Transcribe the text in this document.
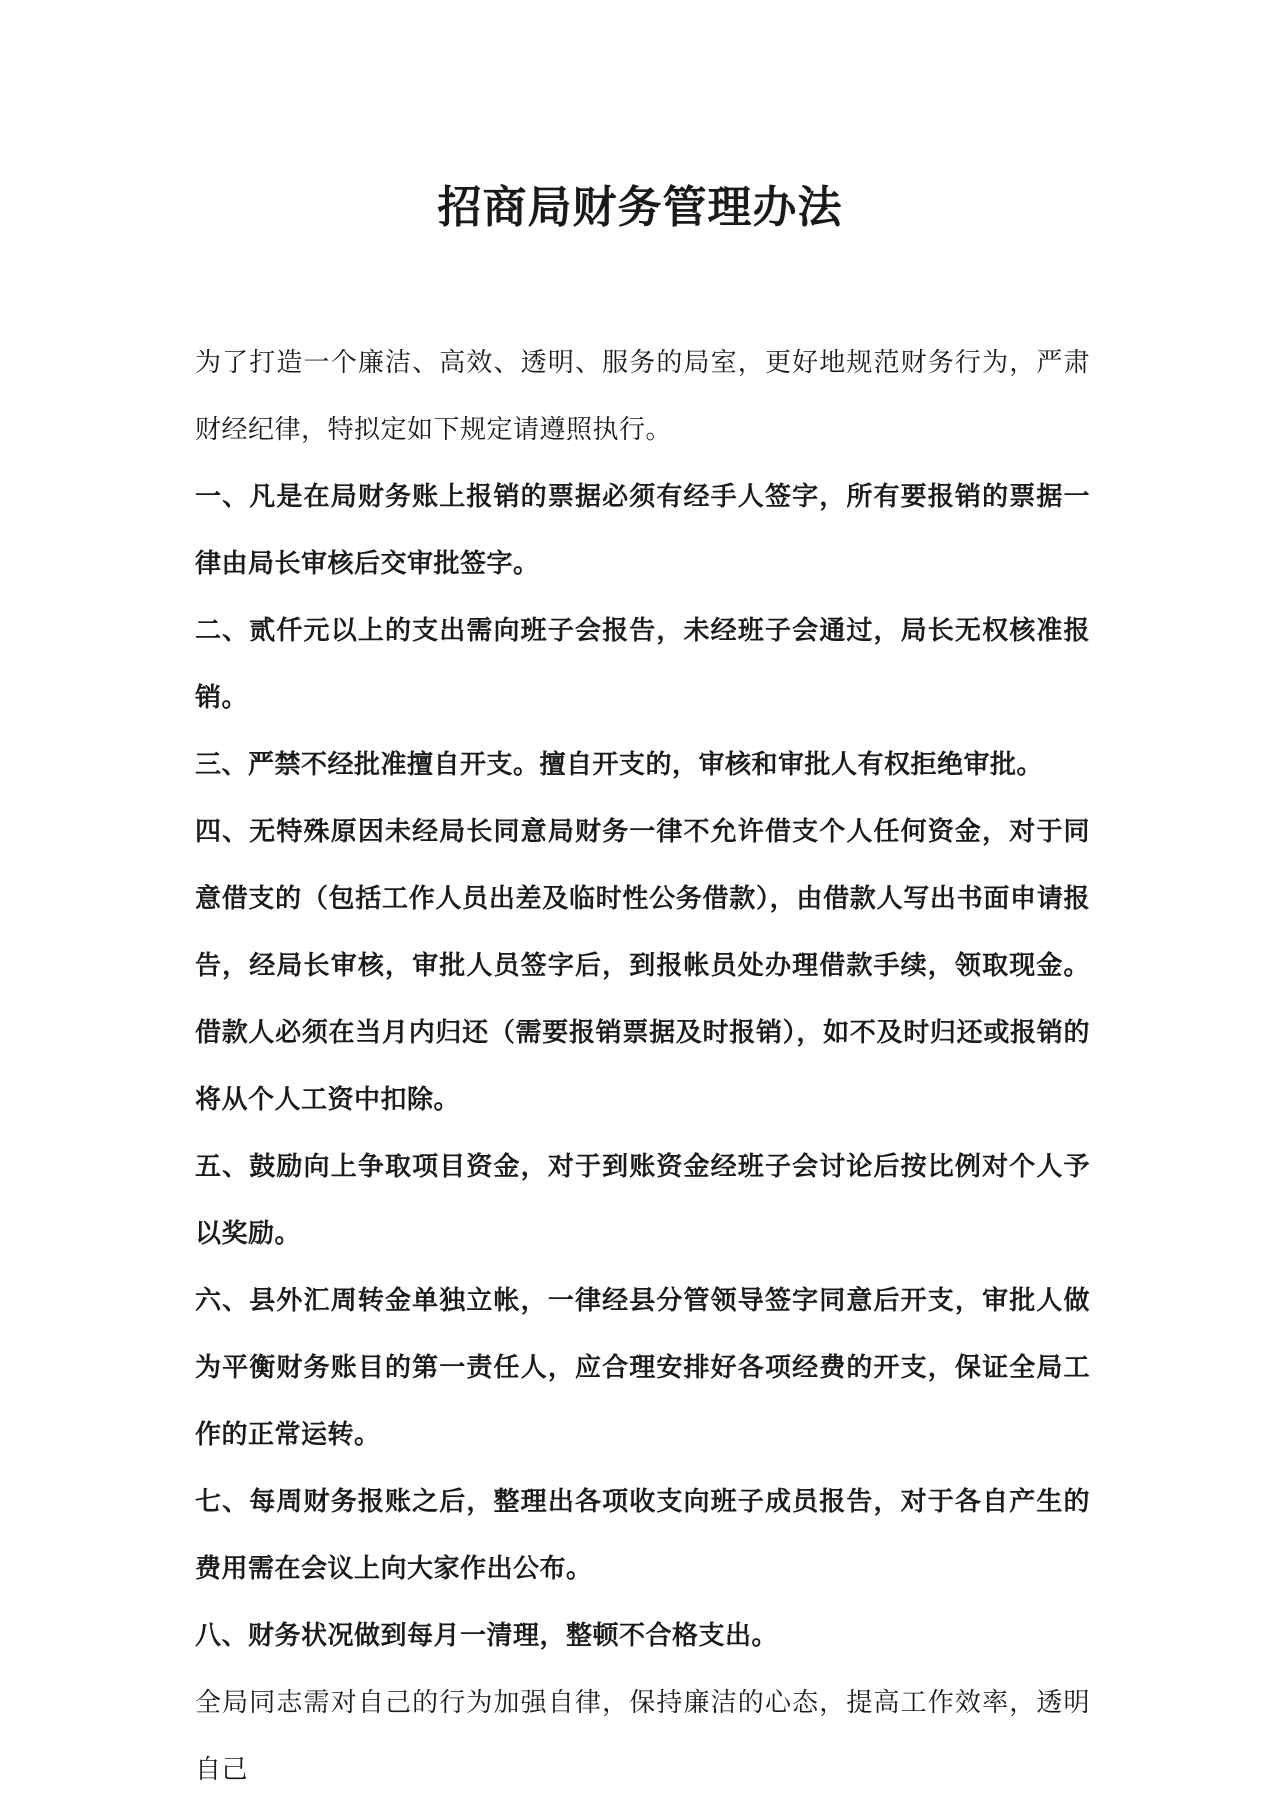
招商局财务管理办法

为了打造一个廉洁、高效、透明、服务的局室，更好地规范财务行为，严肃财经纪律，特拟定如下规定请遵照执行。

一、凡是在局财务账上报销的票据必须有经手人签字，所有要报销的票据一律由局长审核后交审批签字。

二、贰仟元以上的支出需向班子会报告，未经班子会通过，局长无权核准报销。

三、严禁不经批准擅自开支。擅自开支的，审核和审批人有权拒绝审批。

四、无特殊原因未经局长同意局财务一律不允许借支个人任何资金，对于同意借支的（包括工作人员出差及临时性公务借款），由借款人写出书面申请报告，经局长审核，审批人员签字后，到报帐员处办理借款手续，领取现金。借款人必须在当月内归还（需要报销票据及时报销），如不及时归还或报销的将从个人工资中扣除。

五、鼓励向上争取项目资金，对于到账资金经班子会讨论后按比例对个人予以奖励。

六、县外汇周转金单独立帐，一律经县分管领导签字同意后开支，审批人做为平衡财务账目的第一责任人，应合理安排好各项经费的开支，保证全局工作的正常运转。

七、每周财务报账之后，整理出各项收支向班子成员报告，对于各自产生的费用需在会议上向大家作出公布。

八、财务状况做到每月一清理，整顿不合格支出。

全局同志需对自己的行为加强自律，保持廉洁的心态，提高工作效率，透明自己
